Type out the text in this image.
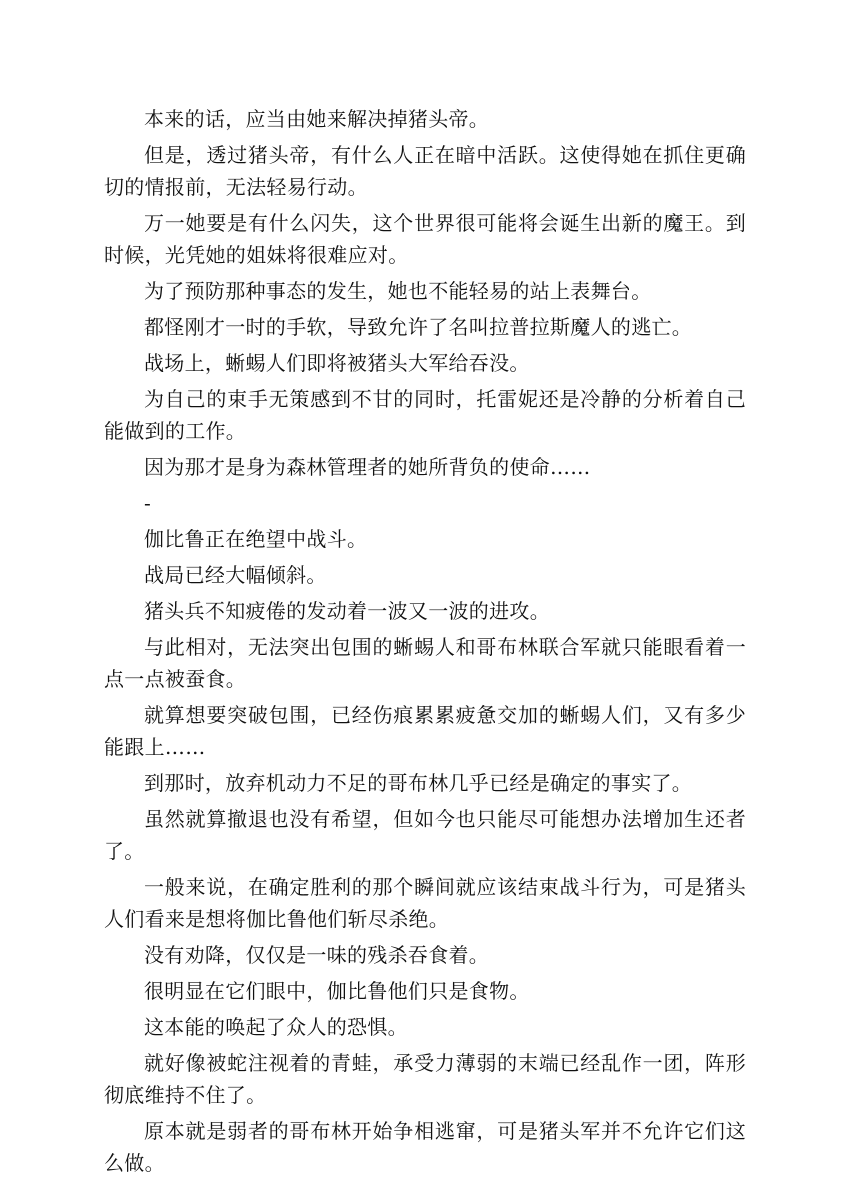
本来的话，应当由她来解决掉猪头帝。

但是，透过猪头帝，有什么人正在暗中活跃。这使得她在抓住更确切的情报前，无法轻易行动。

万一她要是有什么闪失，这个世界很可能将会诞生出新的魔王。到时候，光凭她的姐妹将很难应对。

为了预防那种事态的发生，她也不能轻易的站上表舞台。

都怪刚才一时的手软，导致允许了名叫拉普拉斯魔人的逃亡。

战场上，蜥蜴人们即将被猪头大军给吞没。

为自己的束手无策感到不甘的同时，托雷妮还是冷静的分析着自己能做到的工作。

因为那才是身为森林管理者的她所背负的使命……

-

伽比鲁正在绝望中战斗。

战局已经大幅倾斜。

猪头兵不知疲倦的发动着一波又一波的进攻。

与此相对，无法突出包围的蜥蜴人和哥布林联合军就只能眼看着一点一点被蚕食。

就算想要突破包围，已经伤痕累累疲惫交加的蜥蜴人们，又有多少能跟上……

到那时，放弃机动力不足的哥布林几乎已经是确定的事实了。

虽然就算撤退也没有希望，但如今也只能尽可能想办法增加生还者了。

一般来说，在确定胜利的那个瞬间就应该结束战斗行为，可是猪头人们看来是想将伽比鲁他们斩尽杀绝。

没有劝降，仅仅是一味的残杀吞食着。

很明显在它们眼中，伽比鲁他们只是食物。

这本能的唤起了众人的恐惧。

就好像被蛇注视着的青蛙，承受力薄弱的末端已经乱作一团，阵形彻底维持不住了。

原本就是弱者的哥布林开始争相逃窜，可是猪头军并不允许它们这么做。
